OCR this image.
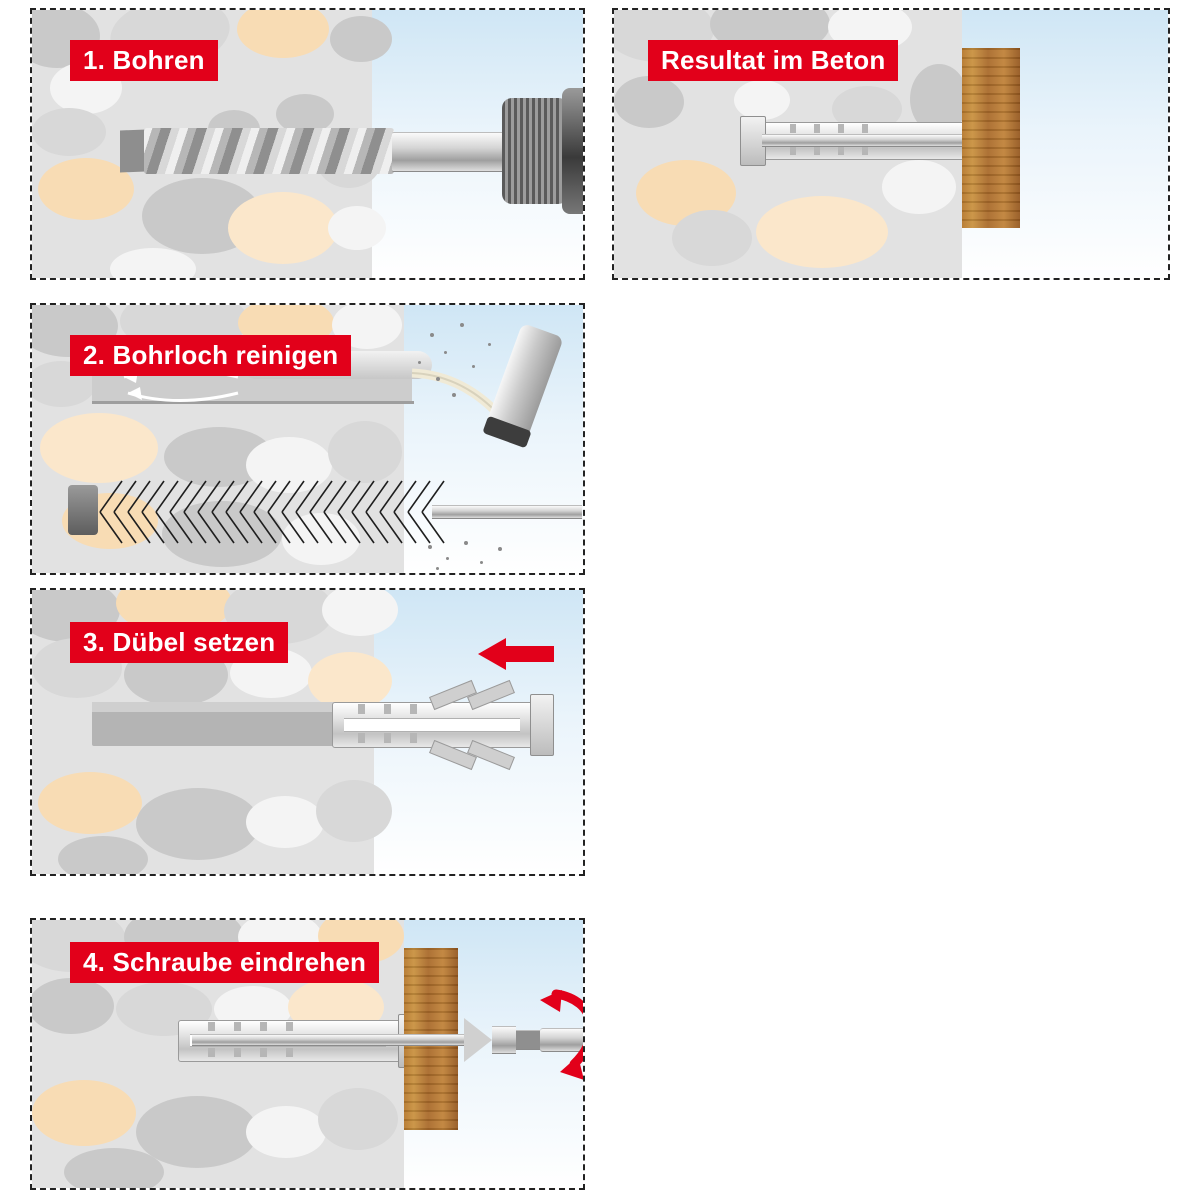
1. Bohren	Resultat im Beton
2. Bohrloch reinigen
3. Dübel setzen
4. Schraube eindrehen
